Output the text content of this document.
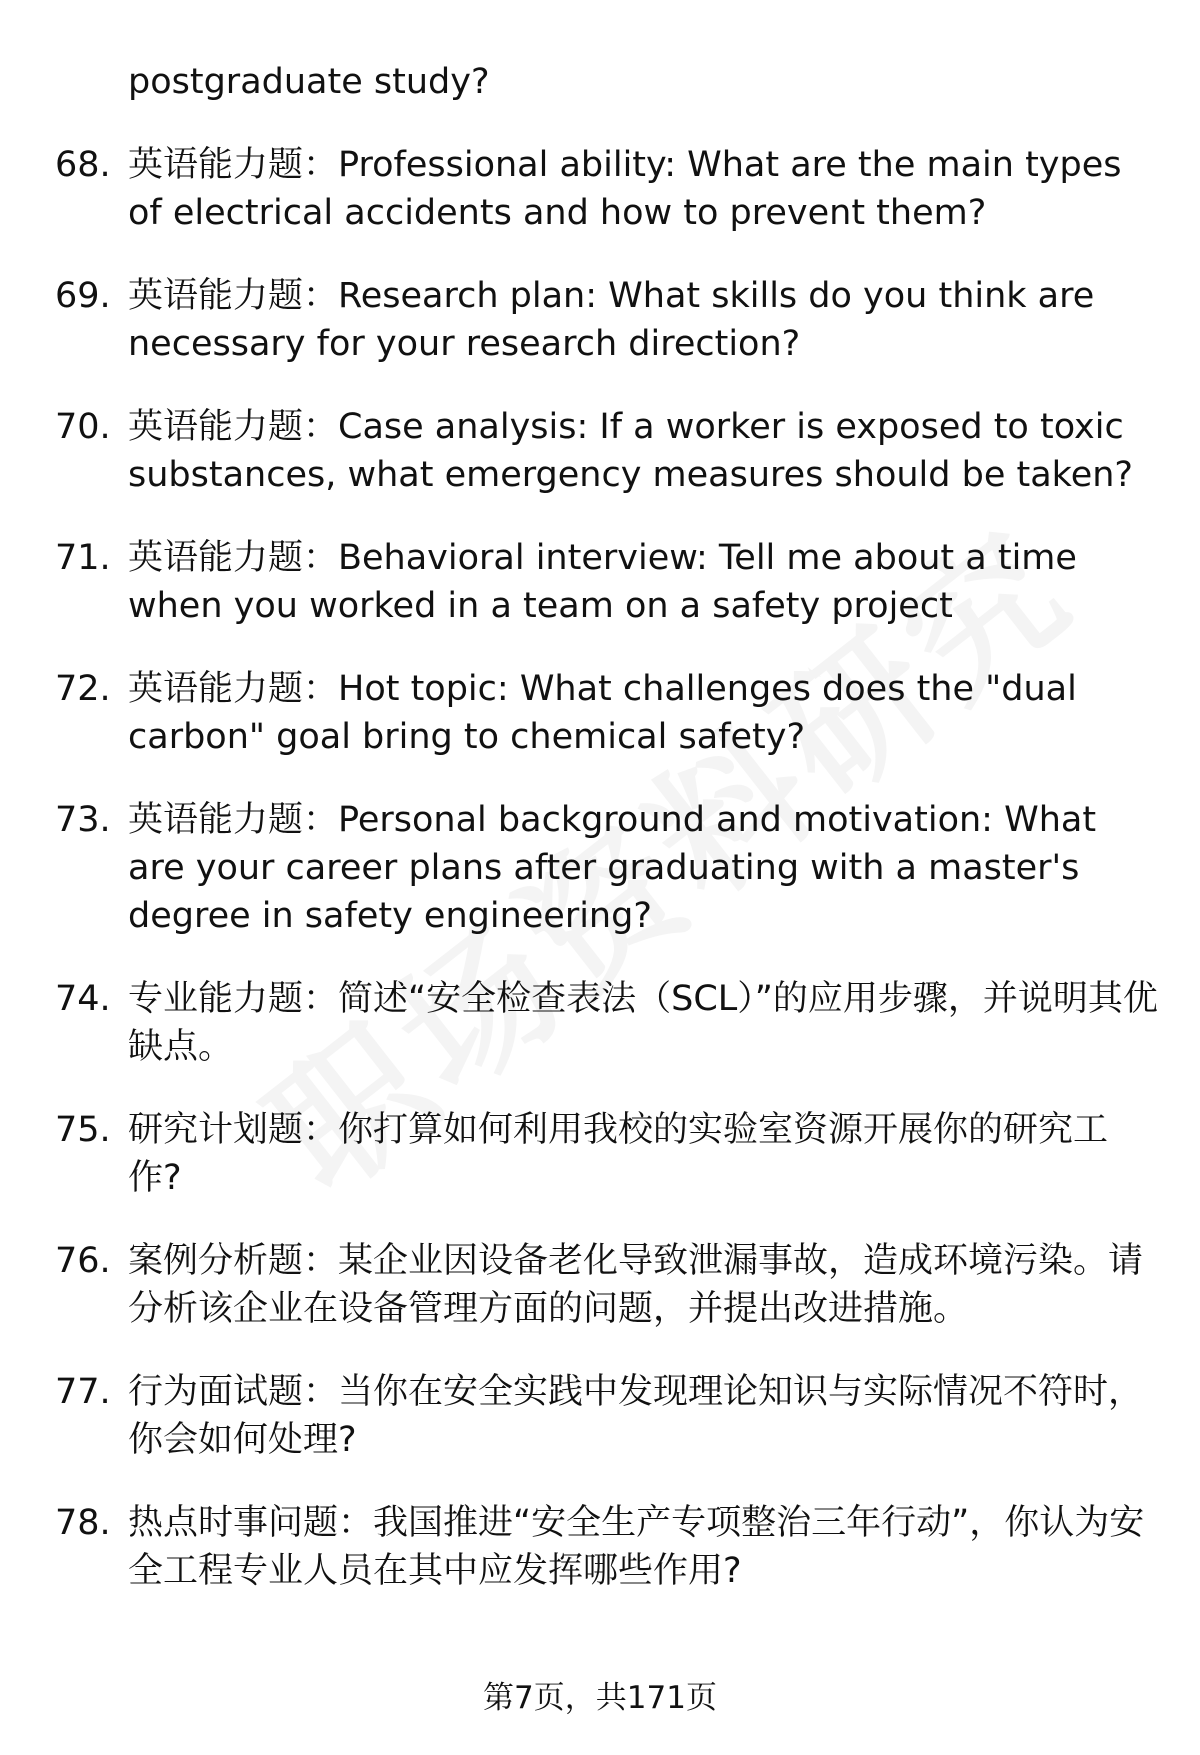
postgraduate study?
68. 英语能力题：Professional ability: What are the main types of electrical accidents and how to prevent them?
69. 英语能力题：Research plan: What skills do you think are necessary for your research direction?
70. 英语能力题：Case analysis: If a worker is exposed to toxic substances, what emergency measures should be taken?
71. 英语能力题：Behavioral interview: Tell me about a time when you worked in a team on a safety project
72. 英语能力题：Hot topic: What challenges does the "dual carbon" goal bring to chemical safety?
73. 英语能力题：Personal background and motivation: What are your career plans after graduating with a master's degree in safety engineering?
74. 专业能力题：简述“安全检查表法（SCL）”的应用步骤，并说明其优缺点。
75. 研究计划题：你打算如何利用我校的实验室资源开展你的研究工作?
76. 案例分析题：某企业因设备老化导致泄漏事故，造成环境污染。请分析该企业在设备管理方面的问题，并提出改进措施。
77. 行为面试题：当你在安全实践中发现理论知识与实际情况不符时，你会如何处理?
78. 热点时事问题：我国推进“安全生产专项整治三年行动”，你认为安全工程专业人员在其中应发挥哪些作用?
第7页，共171页
